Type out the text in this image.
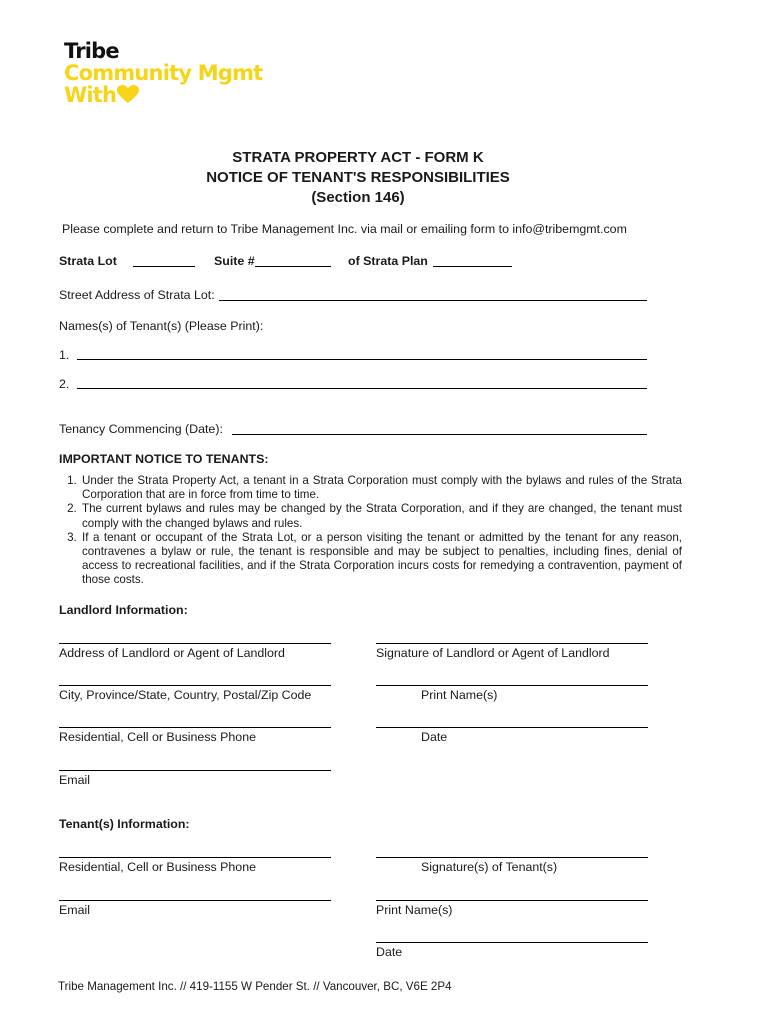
Tribe
Community Mgmt
With
STRATA PROPERTY ACT - FORM K
NOTICE OF TENANT'S RESPONSIBILITIES
(Section 146)
Please complete and return to Tribe Management Inc. via mail or emailing form to info@tribemgmt.com
Strata Lot	Suite #	of Strata Plan
Street Address of Strata Lot:
Names(s) of Tenant(s) (Please Print):
1.
2.
Tenancy Commencing (Date):
IMPORTANT NOTICE TO TENANTS:
1. Under the Strata Property Act, a tenant in a Strata Corporation must comply with the bylaws and rules of the Strata Corporation that are in force from time to time.
2. The current bylaws and rules may be changed by the Strata Corporation, and if they are changed, the tenant must comply with the changed bylaws and rules.
3. If a tenant or occupant of the Strata Lot, or a person visiting the tenant or admitted by the tenant for any reason, contravenes a bylaw or rule, the tenant is responsible and may be subject to penalties, including fines, denial of access to recreational facilities, and if the Strata Corporation incurs costs for remedying a contravention, payment of those costs.
Landlord Information:
Address of Landlord or Agent of Landlord	Signature of Landlord or Agent of Landlord
City, Province/State, Country, Postal/Zip Code	Print Name(s)
Residential, Cell or Business Phone	Date
Email
Tenant(s) Information:
Residential, Cell or Business Phone	Signature(s) of Tenant(s)
Email	Print Name(s)
Date
Tribe Management Inc. // 419-1155 W Pender St. // Vancouver, BC, V6E 2P4
